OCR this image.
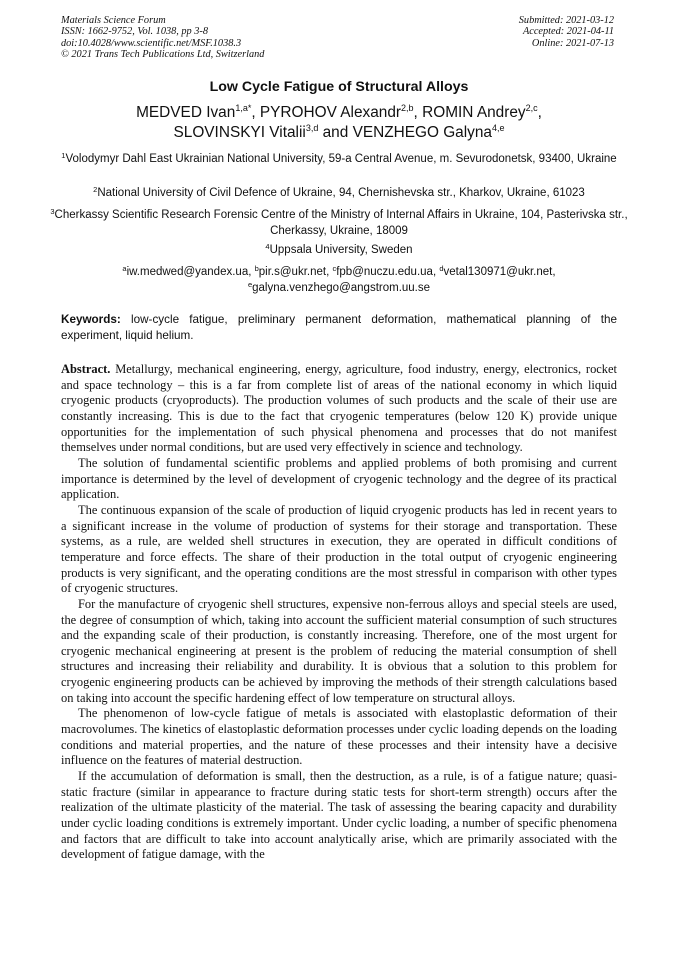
Materials Science Forum
ISSN: 1662-9752, Vol. 1038, pp 3-8
doi:10.4028/www.scientific.net/MSF.1038.3
© 2021 Trans Tech Publications Ltd, Switzerland
Submitted: 2021-03-12
Accepted: 2021-04-11
Online: 2021-07-13
Low Cycle Fatigue of Structural Alloys
MEDVED Ivan$^{1,a*}$, PYROHOV Alexandr$^{2,b}$, ROMIN Andrey$^{2,c}$,
SLOVINSKYI Vitalii$^{3,d}$ and VENZHEGO Galyna$^{4,e}$
$^1$Volodymyr Dahl East Ukrainian National University, 59-a Central Avenue, m. Sevurodonetsk, 93400, Ukraine
$^2$National University of Civil Defence of Ukraine, 94, Chernishevska str., Kharkov, Ukraine, 61023
$^3$Cherkassy Scientific Research Forensic Centre of the Ministry of Internal Affairs in Ukraine, 104, Pasterivska str., Cherkassy, Ukraine, 18009
$^4$Uppsala University, Sweden
$^a$iw.medwed@yandex.ua, $^b$pir.s@ukr.net, $^c$fpb@nuczu.edu.ua, $^d$vetal130971@ukr.net,
$^e$galyna.venzhego@angstrom.uu.se
Keywords: low-cycle fatigue, preliminary permanent deformation, mathematical planning of the experiment, liquid helium.

Abstract. Metallurgy, mechanical engineering, energy, agriculture, food industry, energy, electronics, rocket and space technology – this is a far from complete list of areas of the national economy in which liquid cryogenic products (cryoproducts). The production volumes of such products and the scale of their use are constantly increasing. This is due to the fact that cryogenic temperatures (below 120 K) provide unique opportunities for the implementation of such physical phenomena and processes that do not manifest themselves under normal conditions, but are used very effectively in science and technology.

The solution of fundamental scientific problems and applied problems of both promising and current importance is determined by the level of development of cryogenic technology and the degree of its practical application.

The continuous expansion of the scale of production of liquid cryogenic products has led in recent years to a significant increase in the volume of production of systems for their storage and transportation. These systems, as a rule, are welded shell structures in execution, they are operated in difficult conditions of temperature and force effects. The share of their production in the total output of cryogenic engineering products is very significant, and the operating conditions are the most stressful in comparison with other types of cryogenic structures.

For the manufacture of cryogenic shell structures, expensive non-ferrous alloys and special steels are used, the degree of consumption of which, taking into account the sufficient material consumption of such structures and the expanding scale of their production, is constantly increasing. Therefore, one of the most urgent for cryogenic mechanical engineering at present is the problem of reducing the material consumption of shell structures and increasing their reliability and durability. It is obvious that a solution to this problem for cryogenic engineering products can be achieved by improving the methods of their strength calculations based on taking into account the specific hardening effect of low temperature on structural alloys.

The phenomenon of low-cycle fatigue of metals is associated with elastoplastic deformation of their macrovolumes. The kinetics of elastoplastic deformation processes under cyclic loading depends on the loading conditions and material properties, and the nature of these processes and their intensity have a decisive influence on the features of material destruction.

If the accumulation of deformation is small, then the destruction, as a rule, is of a fatigue nature; quasi-static fracture (similar in appearance to fracture during static tests for short-term strength) occurs after the realization of the ultimate plasticity of the material. The task of assessing the bearing capacity and durability under cyclic loading conditions is extremely important. Under cyclic loading, a number of specific phenomena and factors that are difficult to take into account analytically arise, which are primarily associated with the development of fatigue damage, with the
